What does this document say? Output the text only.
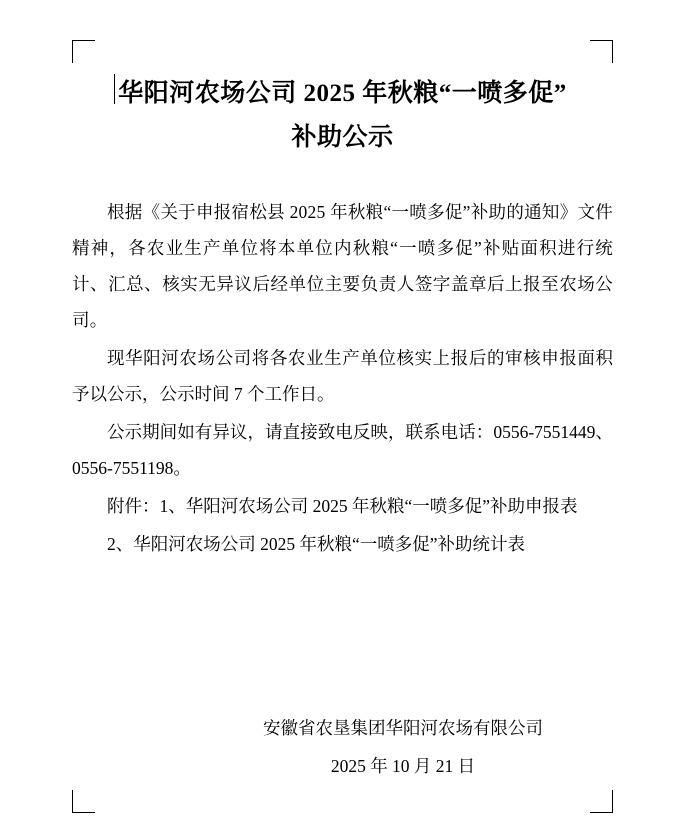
华阳河农场公司 2025 年秋粮“一喷多促”
补助公示

根据《关于申报宿松县 2025 年秋粮“一喷多促”补助的通知》文件精神，各农业生产单位将本单位内秋粮“一喷多促”补贴面积进行统计、汇总、核实无异议后经单位主要负责人签字盖章后上报至农场公司。

现华阳河农场公司将各农业生产单位核实上报后的审核申报面积予以公示，公示时间 7 个工作日。

公示期间如有异议，请直接致电反映，联系电话：0556-7551449、0556-7551198。

附件：1、华阳河农场公司 2025 年秋粮“一喷多促”补助申报表

2、华阳河农场公司 2025 年秋粮“一喷多促”补助统计表

安徽省农垦集团华阳河农场有限公司
2025 年 10 月 21 日
